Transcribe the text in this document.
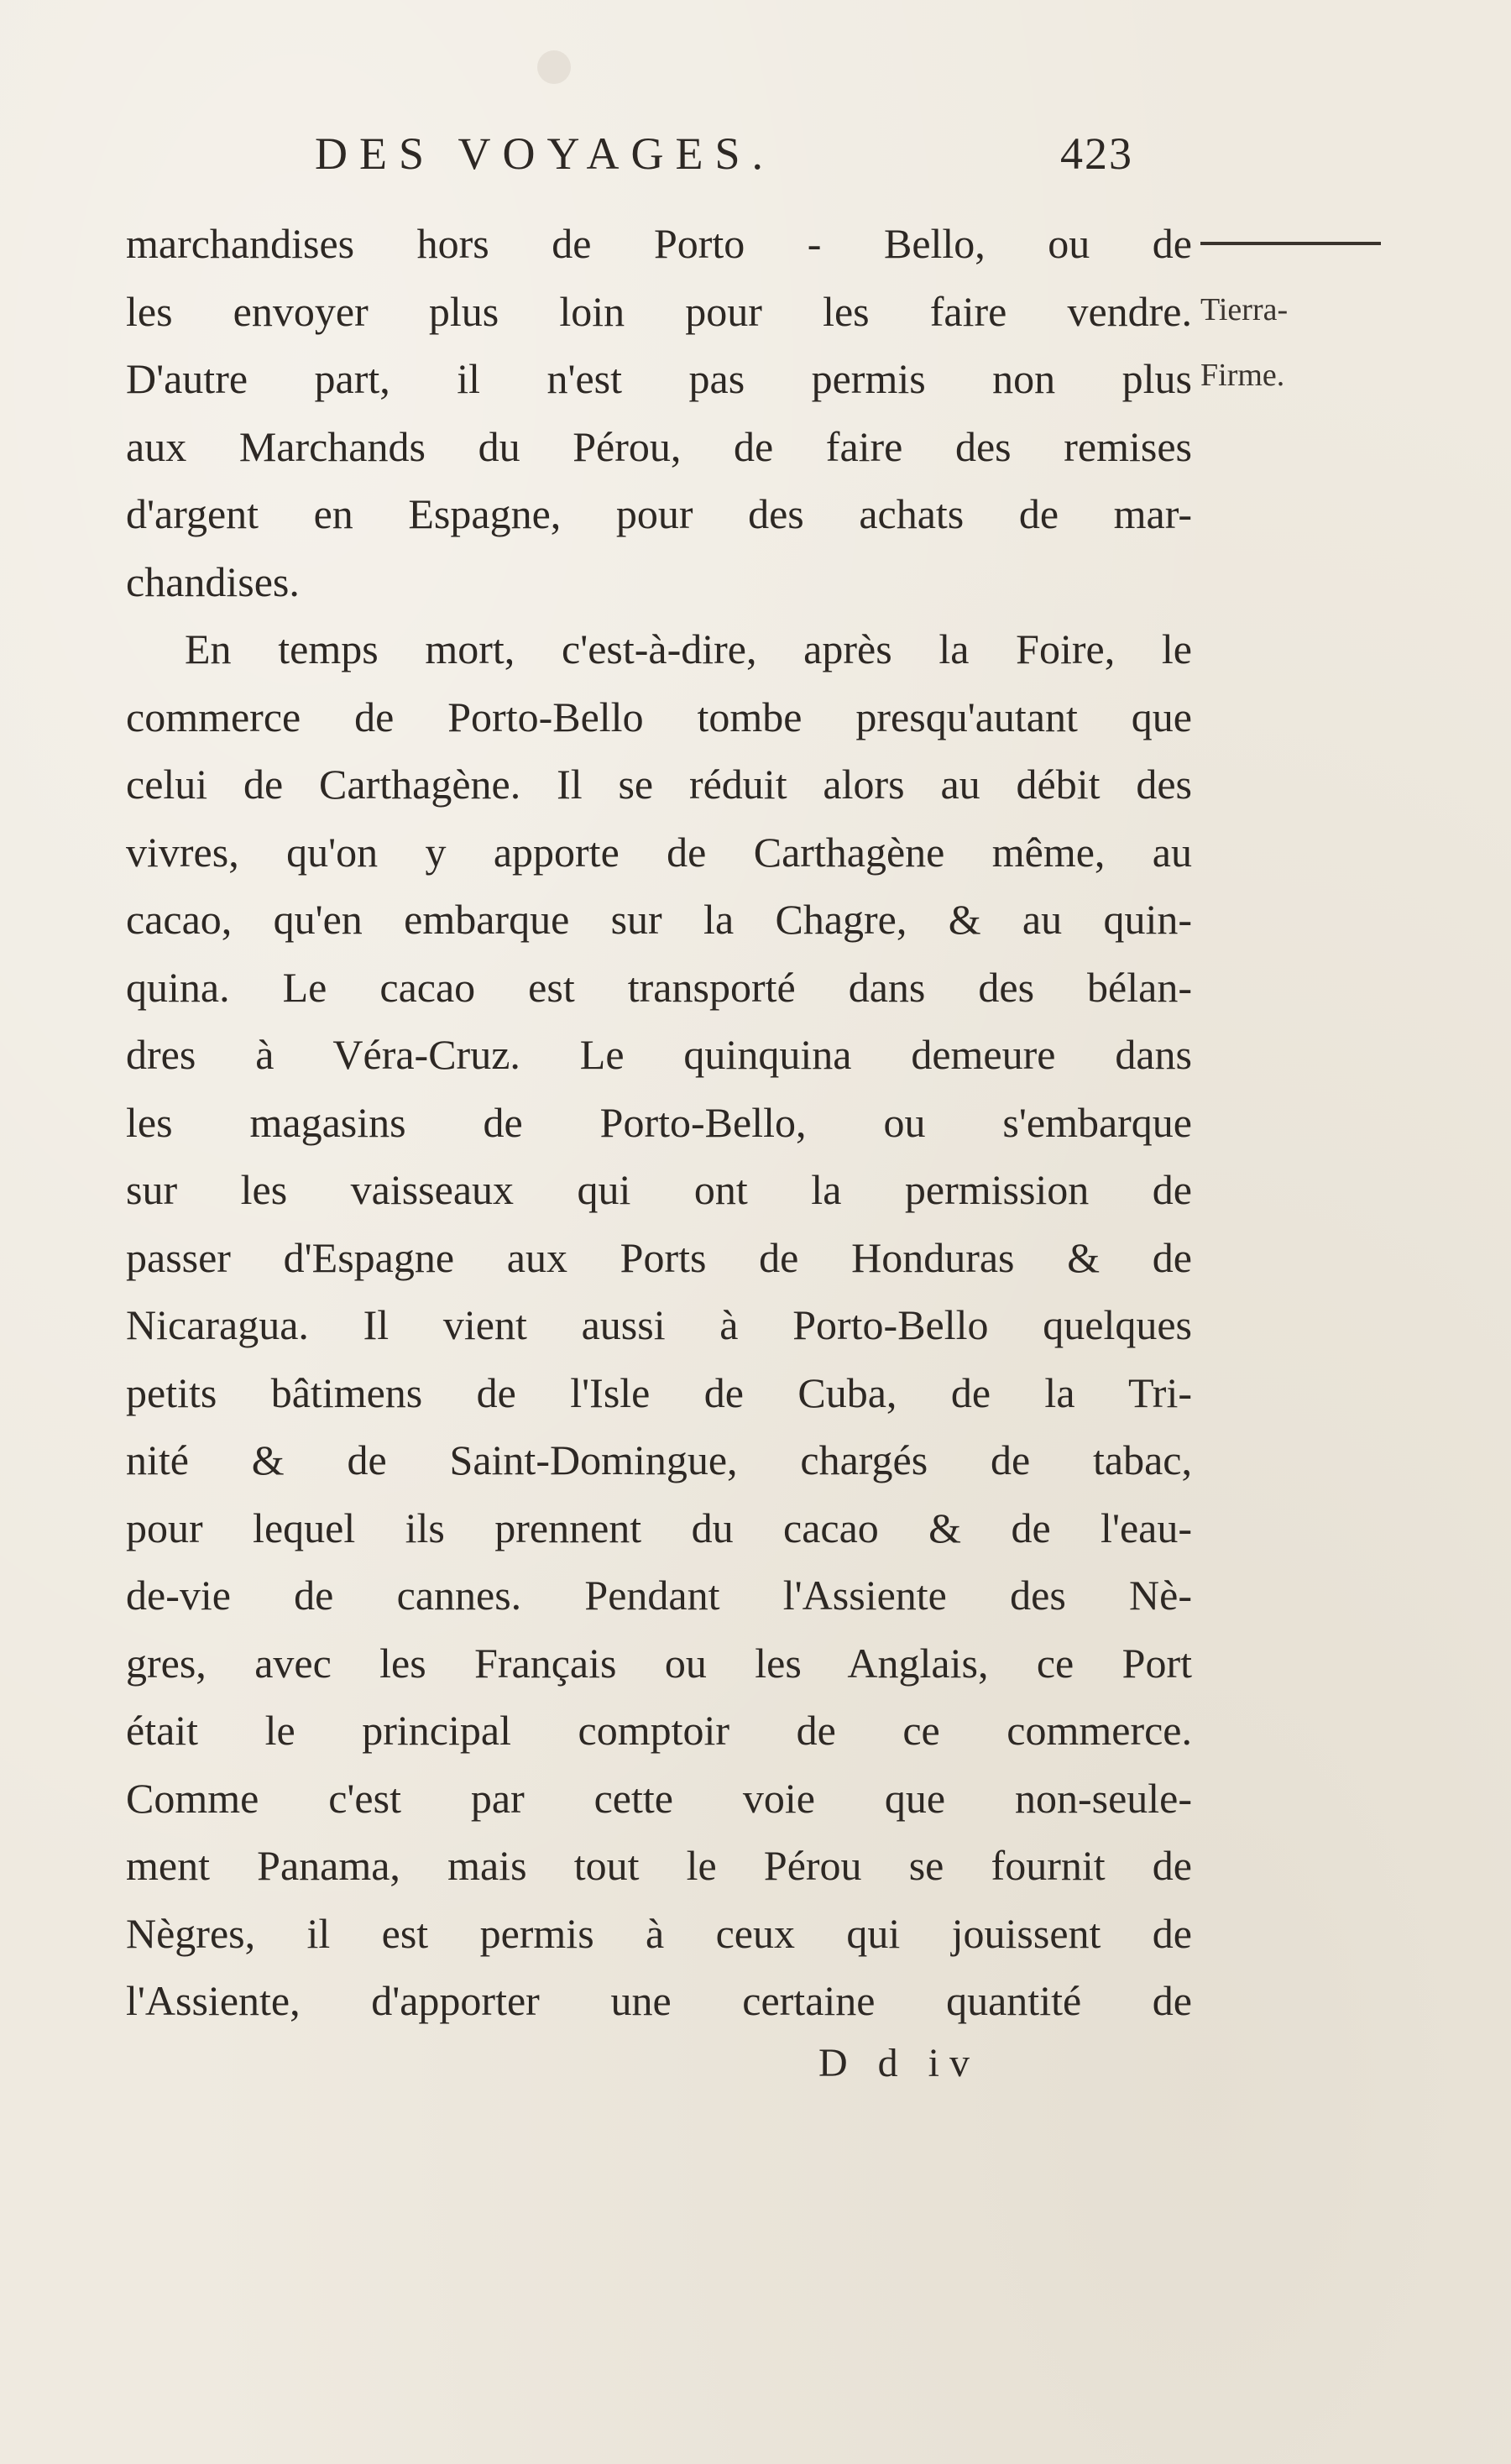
DES VOYAGES.	423
Tierra-
Firme.
marchandises hors de Porto - Bello, ou de
les envoyer plus loin pour les faire vendre.
D'autre part, il n'est pas permis non plus
aux Marchands du Pérou, de faire des remises
d'argent en Espagne, pour des achats de mar-
chandises.
En temps mort, c'est-à-dire, après la Foire, le
commerce de Porto-Bello tombe presqu'autant que
celui de Carthagène. Il se réduit alors au débit des
vivres, qu'on y apporte de Carthagène même, au
cacao, qu'en embarque sur la Chagre, & au quin-
quina. Le cacao est transporté dans des bélan-
dres à Véra-Cruz. Le quinquina demeure dans
les magasins de Porto-Bello, ou s'embarque
sur les vaisseaux qui ont la permission de
passer d'Espagne aux Ports de Honduras & de
Nicaragua. Il vient aussi à Porto-Bello quelques
petits bâtimens de l'Isle de Cuba, de la Tri-
nité & de Saint-Domingue, chargés de tabac,
pour lequel ils prennent du cacao & de l'eau-
de-vie de cannes. Pendant l'Assiente des Nè-
gres, avec les Français ou les Anglais, ce Port
était le principal comptoir de ce commerce.
Comme c'est par cette voie que non-seule-
ment Panama, mais tout le Pérou se fournit de
Nègres, il est permis à ceux qui jouissent de
l'Assiente, d'apporter une certaine quantité de
D d iv
